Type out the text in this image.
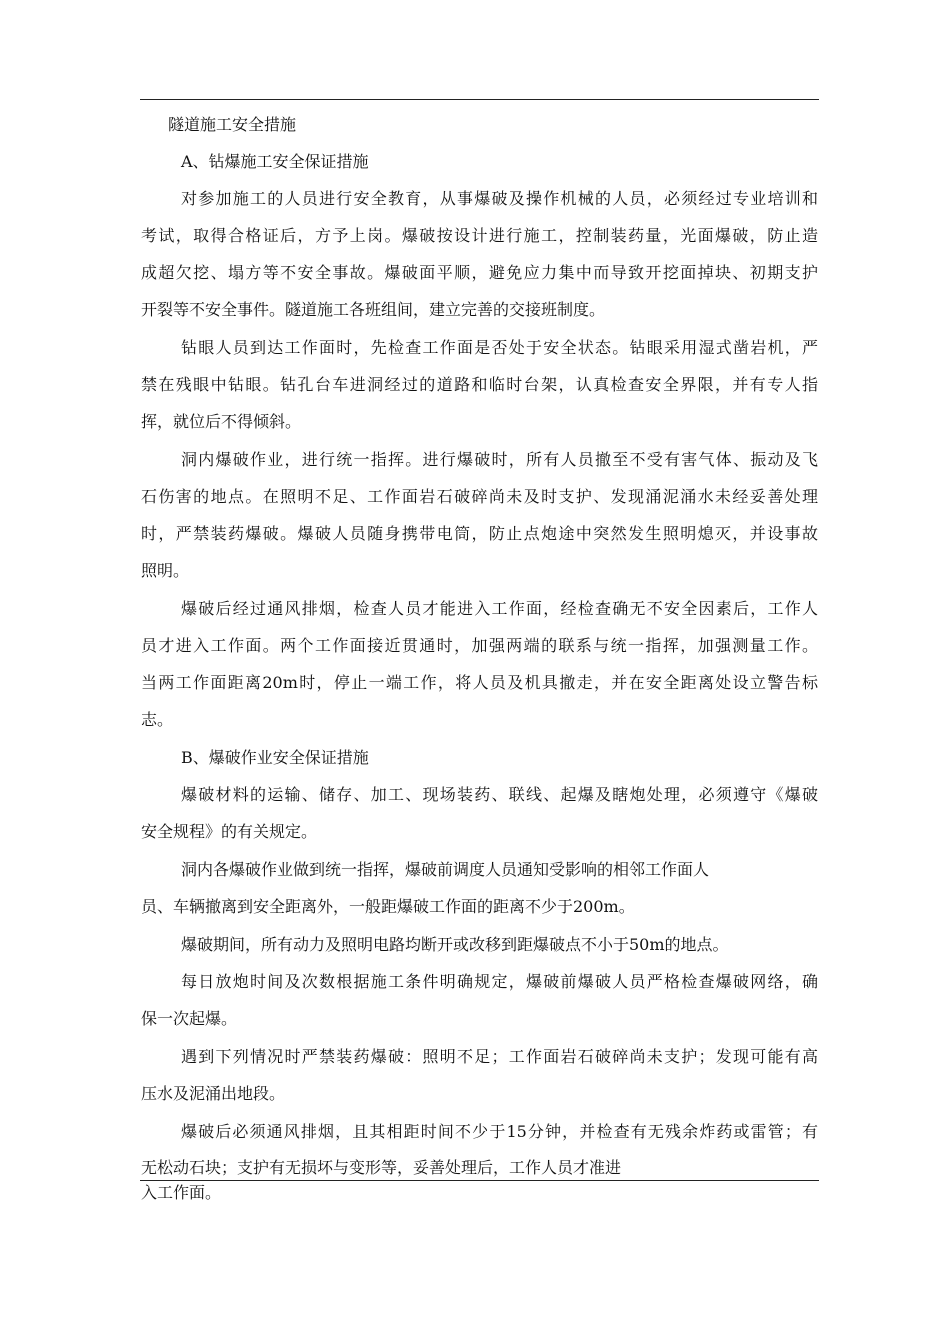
隧道施工安全措施
A、钻爆施工安全保证措施
对参加施工的人员进行安全教育，从事爆破及操作机械的人员，必须经过专业培训和
考试，取得合格证后，方予上岗。爆破按设计进行施工，控制装药量，光面爆破，防止造
成超欠挖、塌方等不安全事故。爆破面平顺，避免应力集中而导致开挖面掉块、初期支护
开裂等不安全事件。隧道施工各班组间，建立完善的交接班制度。
钻眼人员到达工作面时，先检查工作面是否处于安全状态。钻眼采用湿式凿岩机，严
禁在残眼中钻眼。钻孔台车进洞经过的道路和临时台架，认真检查安全界限，并有专人指
挥，就位后不得倾斜。
洞内爆破作业，进行统一指挥。进行爆破时，所有人员撤至不受有害气体、振动及飞
石伤害的地点。在照明不足、工作面岩石破碎尚未及时支护、发现涌泥涌水未经妥善处理
时，严禁装药爆破。爆破人员随身携带电筒，防止点炮途中突然发生照明熄灭，并设事故
照明。
爆破后经过通风排烟，检查人员才能进入工作面，经检查确无不安全因素后，工作人
员才进入工作面。两个工作面接近贯通时，加强两端的联系与统一指挥，加强测量工作。
当两工作面距离20m时，停止一端工作，将人员及机具撤走，并在安全距离处设立警告标
志。
B、爆破作业安全保证措施
爆破材料的运输、储存、加工、现场装药、联线、起爆及瞎炮处理，必须遵守《爆破
安全规程》的有关规定。
洞内各爆破作业做到统一指挥，爆破前调度人员通知受影响的相邻工作面人
员、车辆撤离到安全距离外，一般距爆破工作面的距离不少于200m。
爆破期间，所有动力及照明电路均断开或改移到距爆破点不小于50m的地点。
每日放炮时间及次数根据施工条件明确规定，爆破前爆破人员严格检查爆破网络，确
保一次起爆。
遇到下列情况时严禁装药爆破：照明不足；工作面岩石破碎尚未支护；发现可能有高
压水及泥涌出地段。
爆破后必须通风排烟，且其相距时间不少于15分钟，并检查有无残余炸药或雷管；有
无松动石块；支护有无损坏与变形等，妥善处理后，工作人员才准进
入工作面。
